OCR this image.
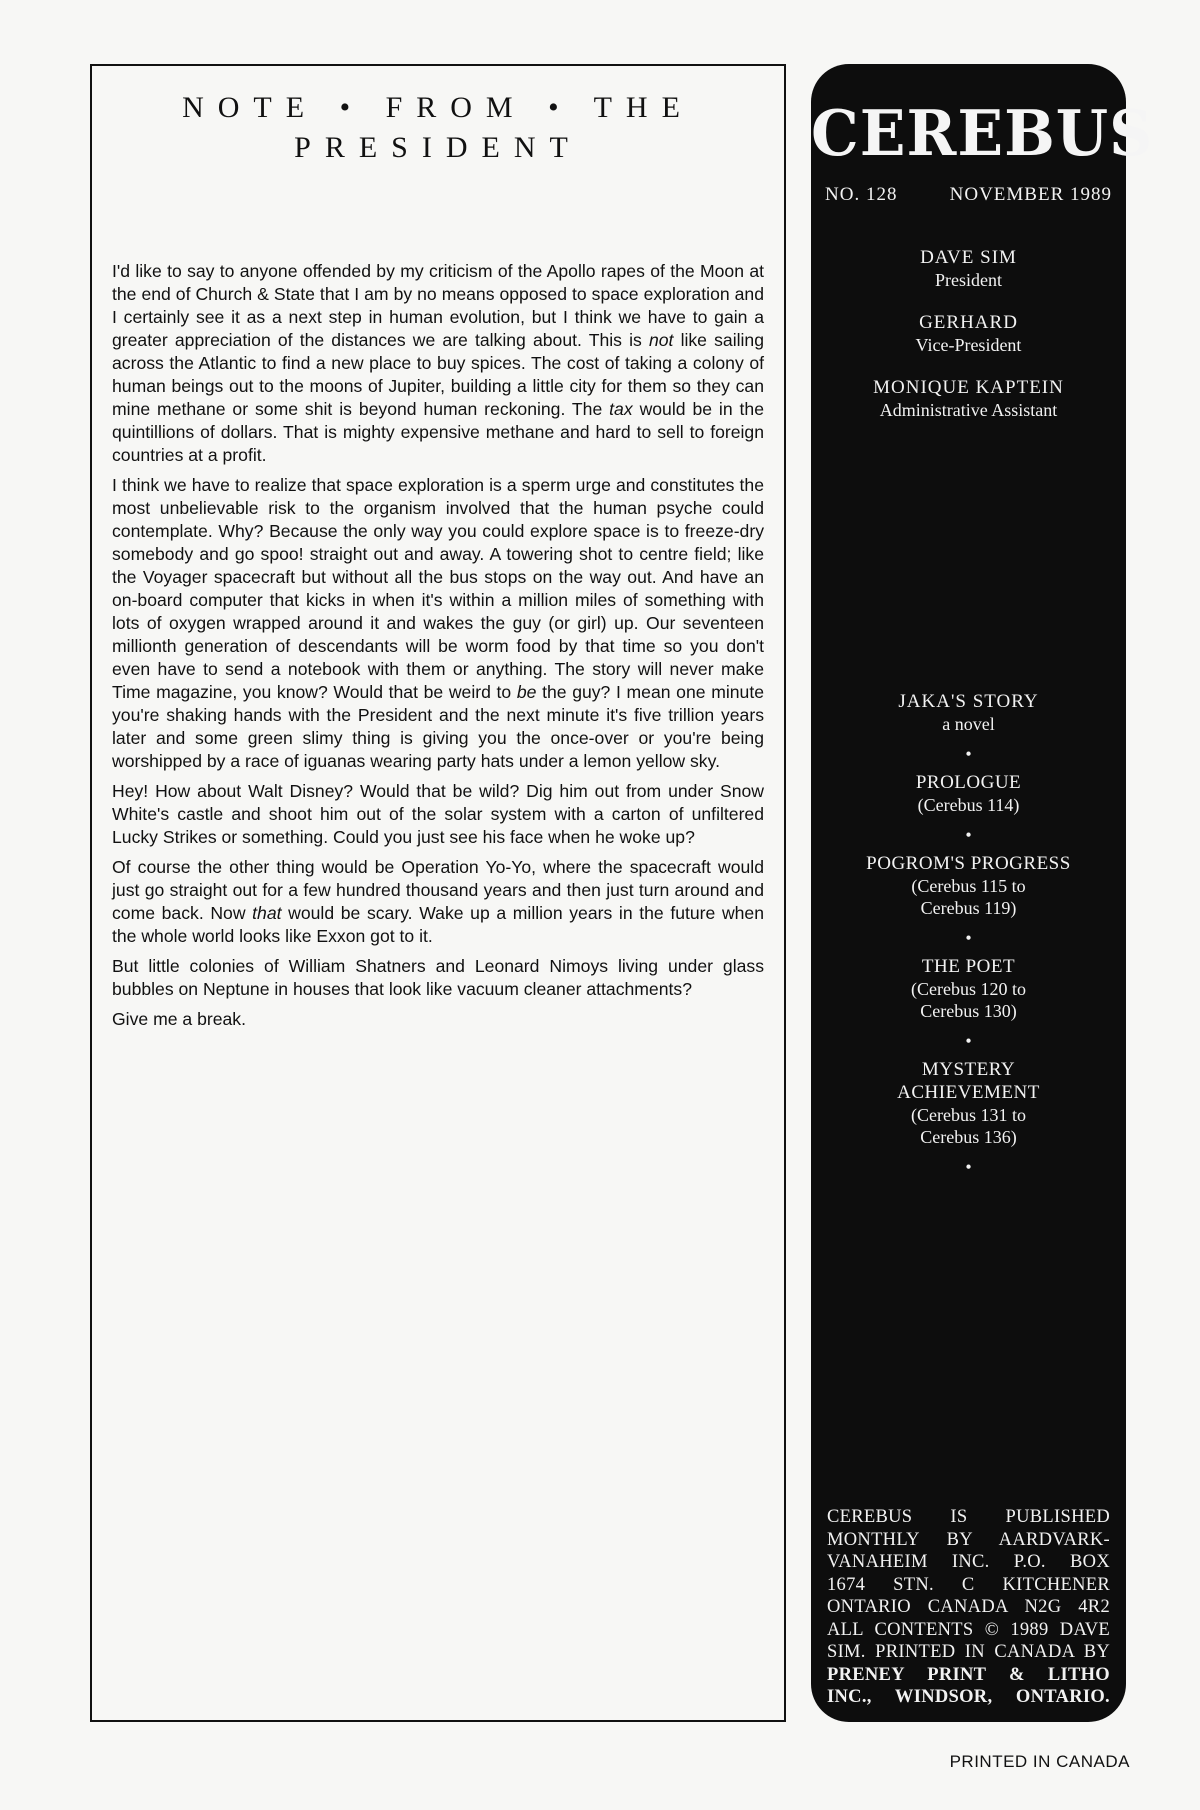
NOTE • FROM • THE
PRESIDENT

I'd like to say to anyone offended by my criticism of the Apollo rapes of the Moon at the end of Church & State that I am by no means opposed to space exploration and I certainly see it as a next step in human evolution, but I think we have to gain a greater appreciation of the distances we are talking about. This is not like sailing across the Atlantic to find a new place to buy spices. The cost of taking a colony of human beings out to the moons of Jupiter, building a little city for them so they can mine methane or some shit is beyond human reckoning. The tax would be in the quintillions of dollars. That is mighty expensive methane and hard to sell to foreign countries at a profit.

I think we have to realize that space exploration is a sperm urge and constitutes the most unbelievable risk to the organism involved that the human psyche could contemplate. Why? Because the only way you could explore space is to freeze-dry somebody and go spoo! straight out and away. A towering shot to centre field; like the Voyager spacecraft but without all the bus stops on the way out. And have an on-board computer that kicks in when it's within a million miles of something with lots of oxygen wrapped around it and wakes the guy (or girl) up. Our seventeen millionth generation of descendants will be worm food by that time so you don't even have to send a notebook with them or anything. The story will never make Time magazine, you know? Would that be weird to be the guy? I mean one minute you're shaking hands with the President and the next minute it's five trillion years later and some green slimy thing is giving you the once-over or you're being worshipped by a race of iguanas wearing party hats under a lemon yellow sky.

Hey! How about Walt Disney? Would that be wild? Dig him out from under Snow White's castle and shoot him out of the solar system with a carton of unfiltered Lucky Strikes or something. Could you just see his face when he woke up?

Of course the other thing would be Operation Yo-Yo, where the spacecraft would just go straight out for a few hundred thousand years and then just turn around and come back. Now that would be scary. Wake up a million years in the future when the whole world looks like Exxon got to it.

But little colonies of William Shatners and Leonard Nimoys living under glass bubbles on Neptune in houses that look like vacuum cleaner attachments?

Give me a break.

CEREBUS
NO. 128	NOVEMBER 1989
DAVE SIM
President
GERHARD
Vice-President
MONIQUE KAPTEIN
Administrative Assistant
JAKA'S STORY
a novel
•
PROLOGUE
(Cerebus 114)
•
POGROM'S PROGRESS
(Cerebus 115 to
Cerebus 119)
•
THE POET
(Cerebus 120 to
Cerebus 130)
•
MYSTERY
ACHIEVEMENT
(Cerebus 131 to
Cerebus 136)
•
CEREBUS IS PUBLISHED
MONTHLY BY AARDVARK-
VANAHEIM INC. P.O. BOX
1674 STN. C KITCHENER
ONTARIO CANADA N2G 4R2
ALL CONTENTS © 1989 DAVE
SIM. PRINTED IN CANADA BY
PRENEY PRINT & LITHO
INC., WINDSOR, ONTARIO.
PRINTED IN CANADA
